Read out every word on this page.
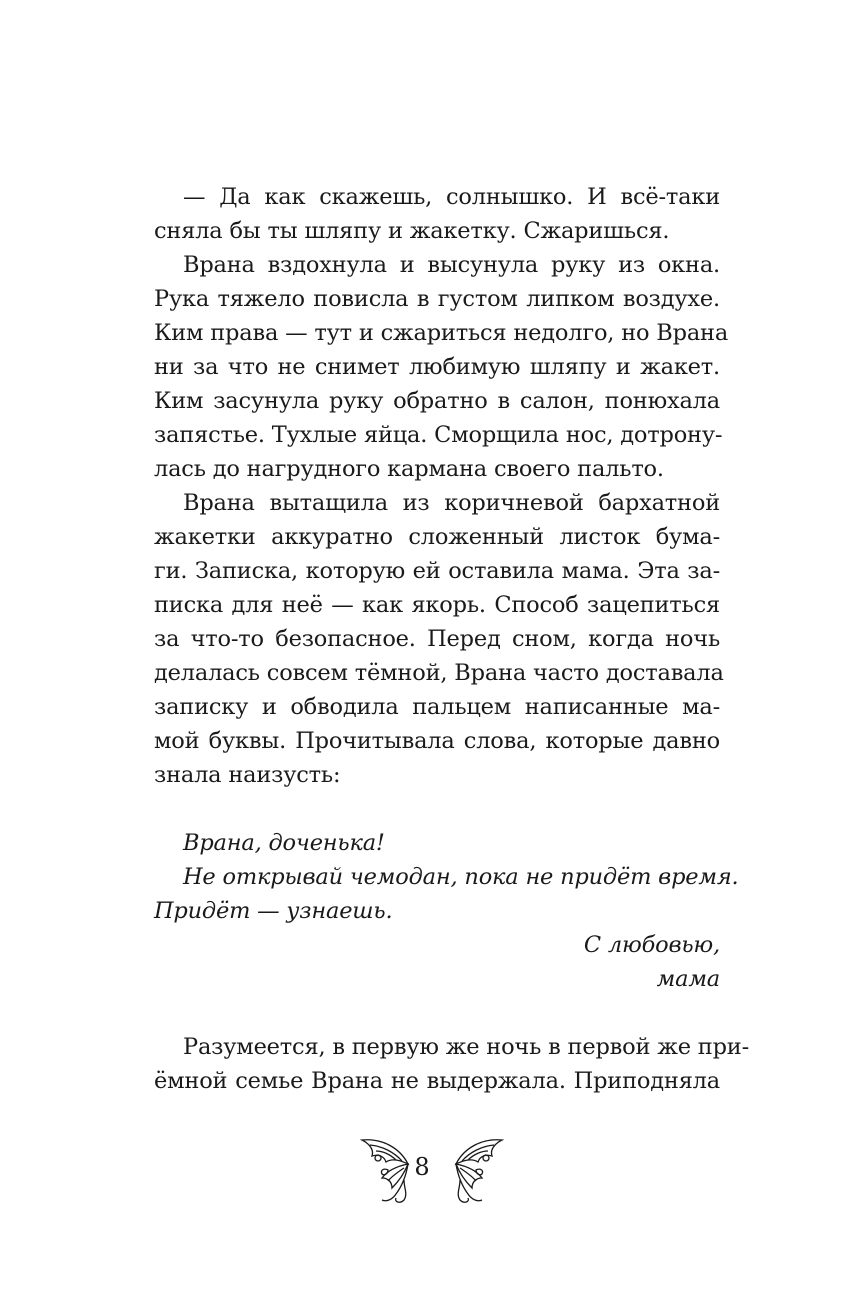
— Да как скажешь, солнышко. И всё-таки
сняла бы ты шляпу и жакетку. Сжаришься.
Врана вздохнула и высунула руку из окна.
Рука тяжело повисла в густом липком воздухе.
Ким права — тут и сжариться недолго, но Врана
ни за что не снимет любимую шляпу и жакет.
Ким засунула руку обратно в салон, понюхала
запястье. Тухлые яйца. Сморщила нос, дотрону-
лась до нагрудного кармана своего пальто.
Врана вытащила из коричневой бархатной
жакетки аккуратно сложенный листок бума-
ги. Записка, которую ей оставила мама. Эта за-
писка для неё — как якорь. Способ зацепиться
за что-то безопасное. Перед сном, когда ночь
делалась совсем тёмной, Врана часто доставала
записку и обводила пальцем написанные ма-
мой буквы. Прочитывала слова, которые давно
знала наизусть:
Врана, доченька!
Не открывай чемодан, пока не придёт время.
Придёт — узнаешь.
С любовью,
мама
Разумеется, в первую же ночь в первой же при-
ёмной семье Врана не выдержала. Приподняла
8
